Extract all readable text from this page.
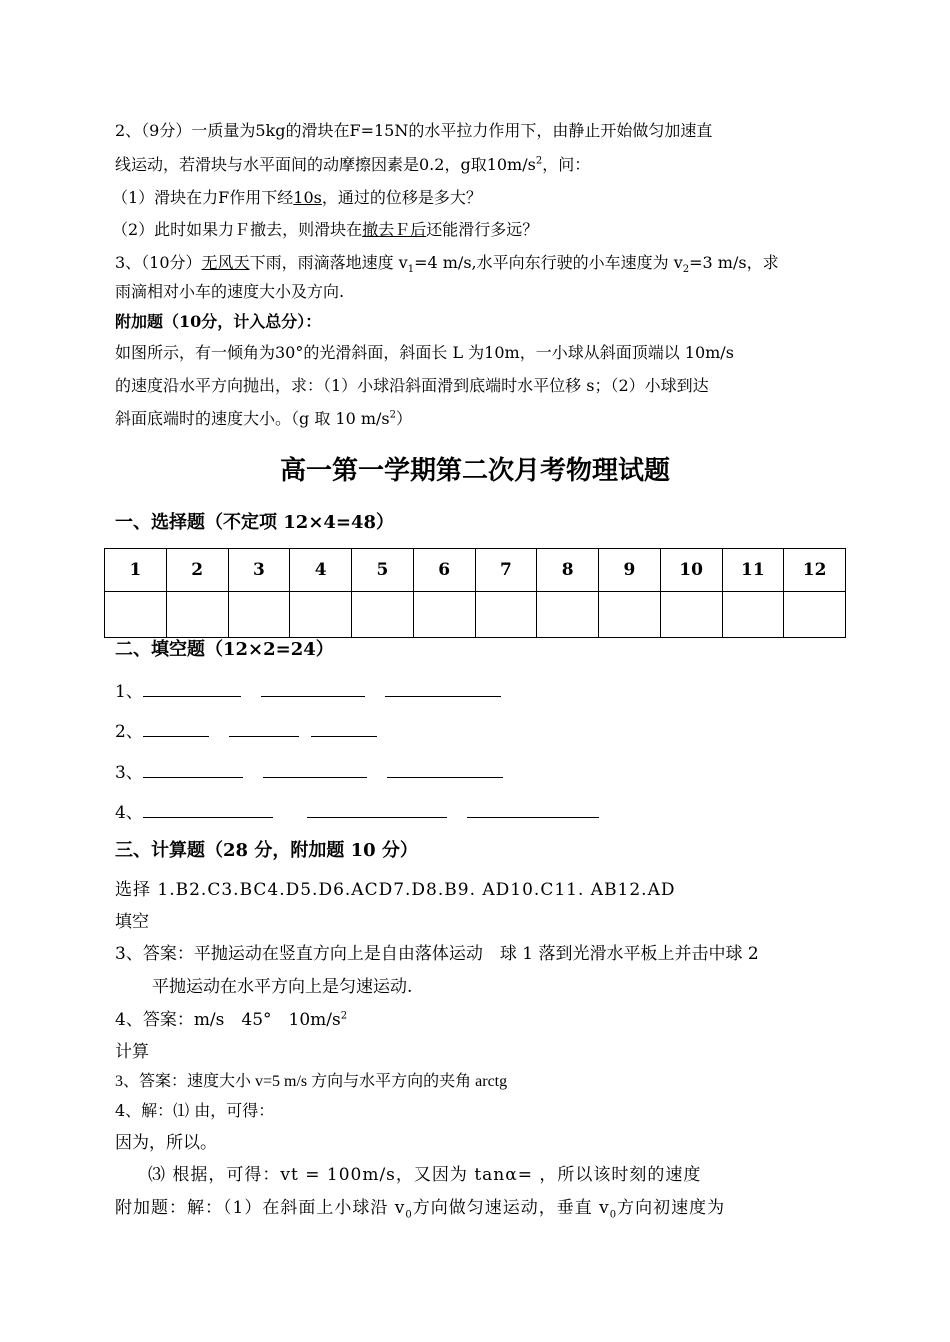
2、（9分）一质量为5kg的滑块在F=15N的水平拉力作用下，由静止开始做匀加速直
线运动，若滑块与水平面间的动摩擦因素是0.2，g取$10m/s^2$，问：
（1）滑块在力F作用下经10s，通过的位移是多大？
（2）此时如果力Ｆ撤去，则滑块在撤去Ｆ后还能滑行多远？
3、（10分）无风天下雨，雨滴落地速度 $v_1=4$ m/s,水平向东行驶的小车速度为 $v_2=3$ m/s，求
雨滴相对小车的速度大小及方向.
附加题（10分，计入总分）：
如图所示，有一倾角为30°的光滑斜面，斜面长 L 为10m，一小球从斜面顶端以 10m/s
的速度沿水平方向抛出，求：（1）小球沿斜面滑到底端时水平位移 s；（2）小球到达
斜面底端时的速度大小。（g 取 10 $m/s^2$）
高一第一学期第二次月考物理试题
一、选择题（不定项 12×4=48）
1	2	3	4	5	6	7	8	9	10	11	12

二、填空题（12×2=24）
1、
2、
3、
4、
三、计算题（28 分，附加题 10 分）
选择 1.B2.C3.BC4.D5.D6.ACD7.D8.B9. AD10.C11. AB12.AD
填空
3、答案：平抛运动在竖直方向上是自由落体运动　球 1 落到光滑水平板上并击中球 2
平抛运动在水平方向上是匀速运动.
4、答案：m/s　45°　$10m/s^2$
计算
3、答案：速度大小 v=5 m/s 方向与水平方向的夹角 arctg
4、解：⑴ 由，可得：
因为，所以。
⑶ 根据，可得：vt = 100m/s，又因为 tanα= ，所以该时刻的速度
附加题：解：（1）在斜面上小球沿 $v_0$方向做匀速运动，垂直 $v_0$方向初速度为
